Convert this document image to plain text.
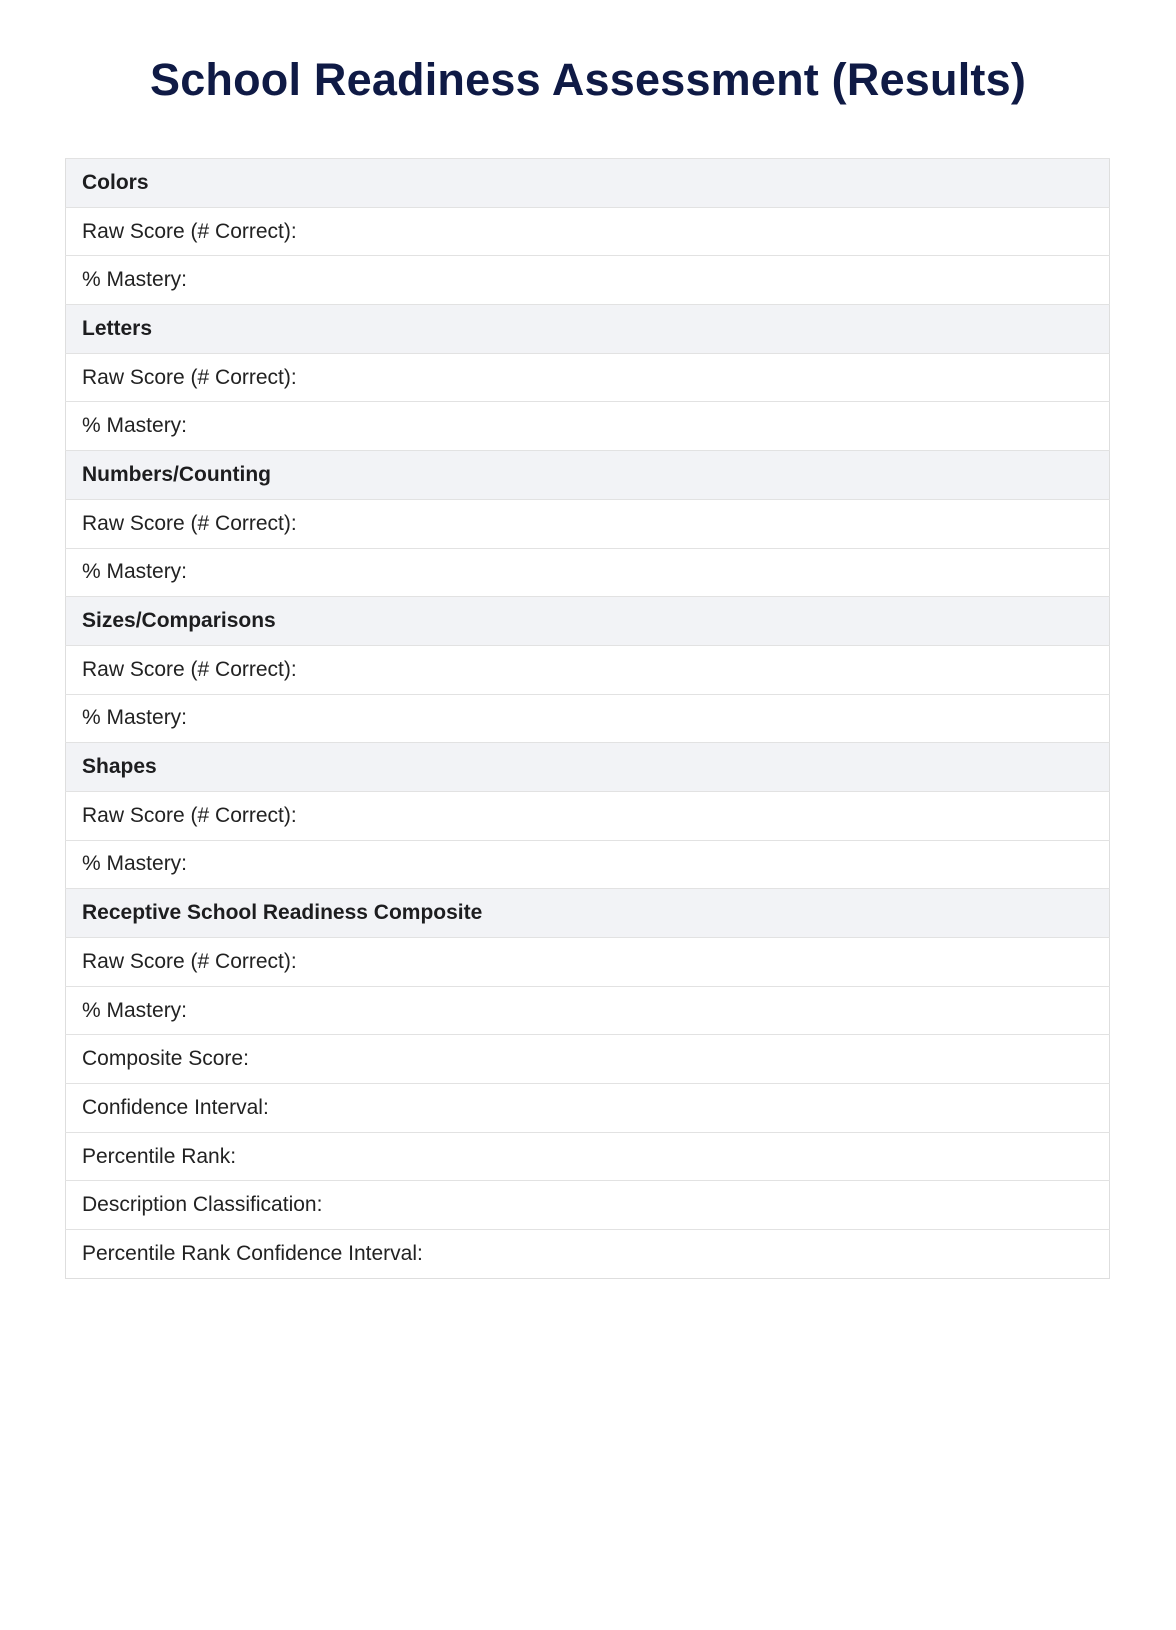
School Readiness Assessment (Results)
Colors
Raw Score (# Correct):
% Mastery:
Letters
Raw Score (# Correct):
% Mastery:
Numbers/Counting
Raw Score (# Correct):
% Mastery:
Sizes/Comparisons
Raw Score (# Correct):
% Mastery:
Shapes
Raw Score (# Correct):
% Mastery:
Receptive School Readiness Composite
Raw Score (# Correct):
% Mastery:
Composite Score:
Confidence Interval:
Percentile Rank:
Description Classification:
Percentile Rank Confidence Interval:
